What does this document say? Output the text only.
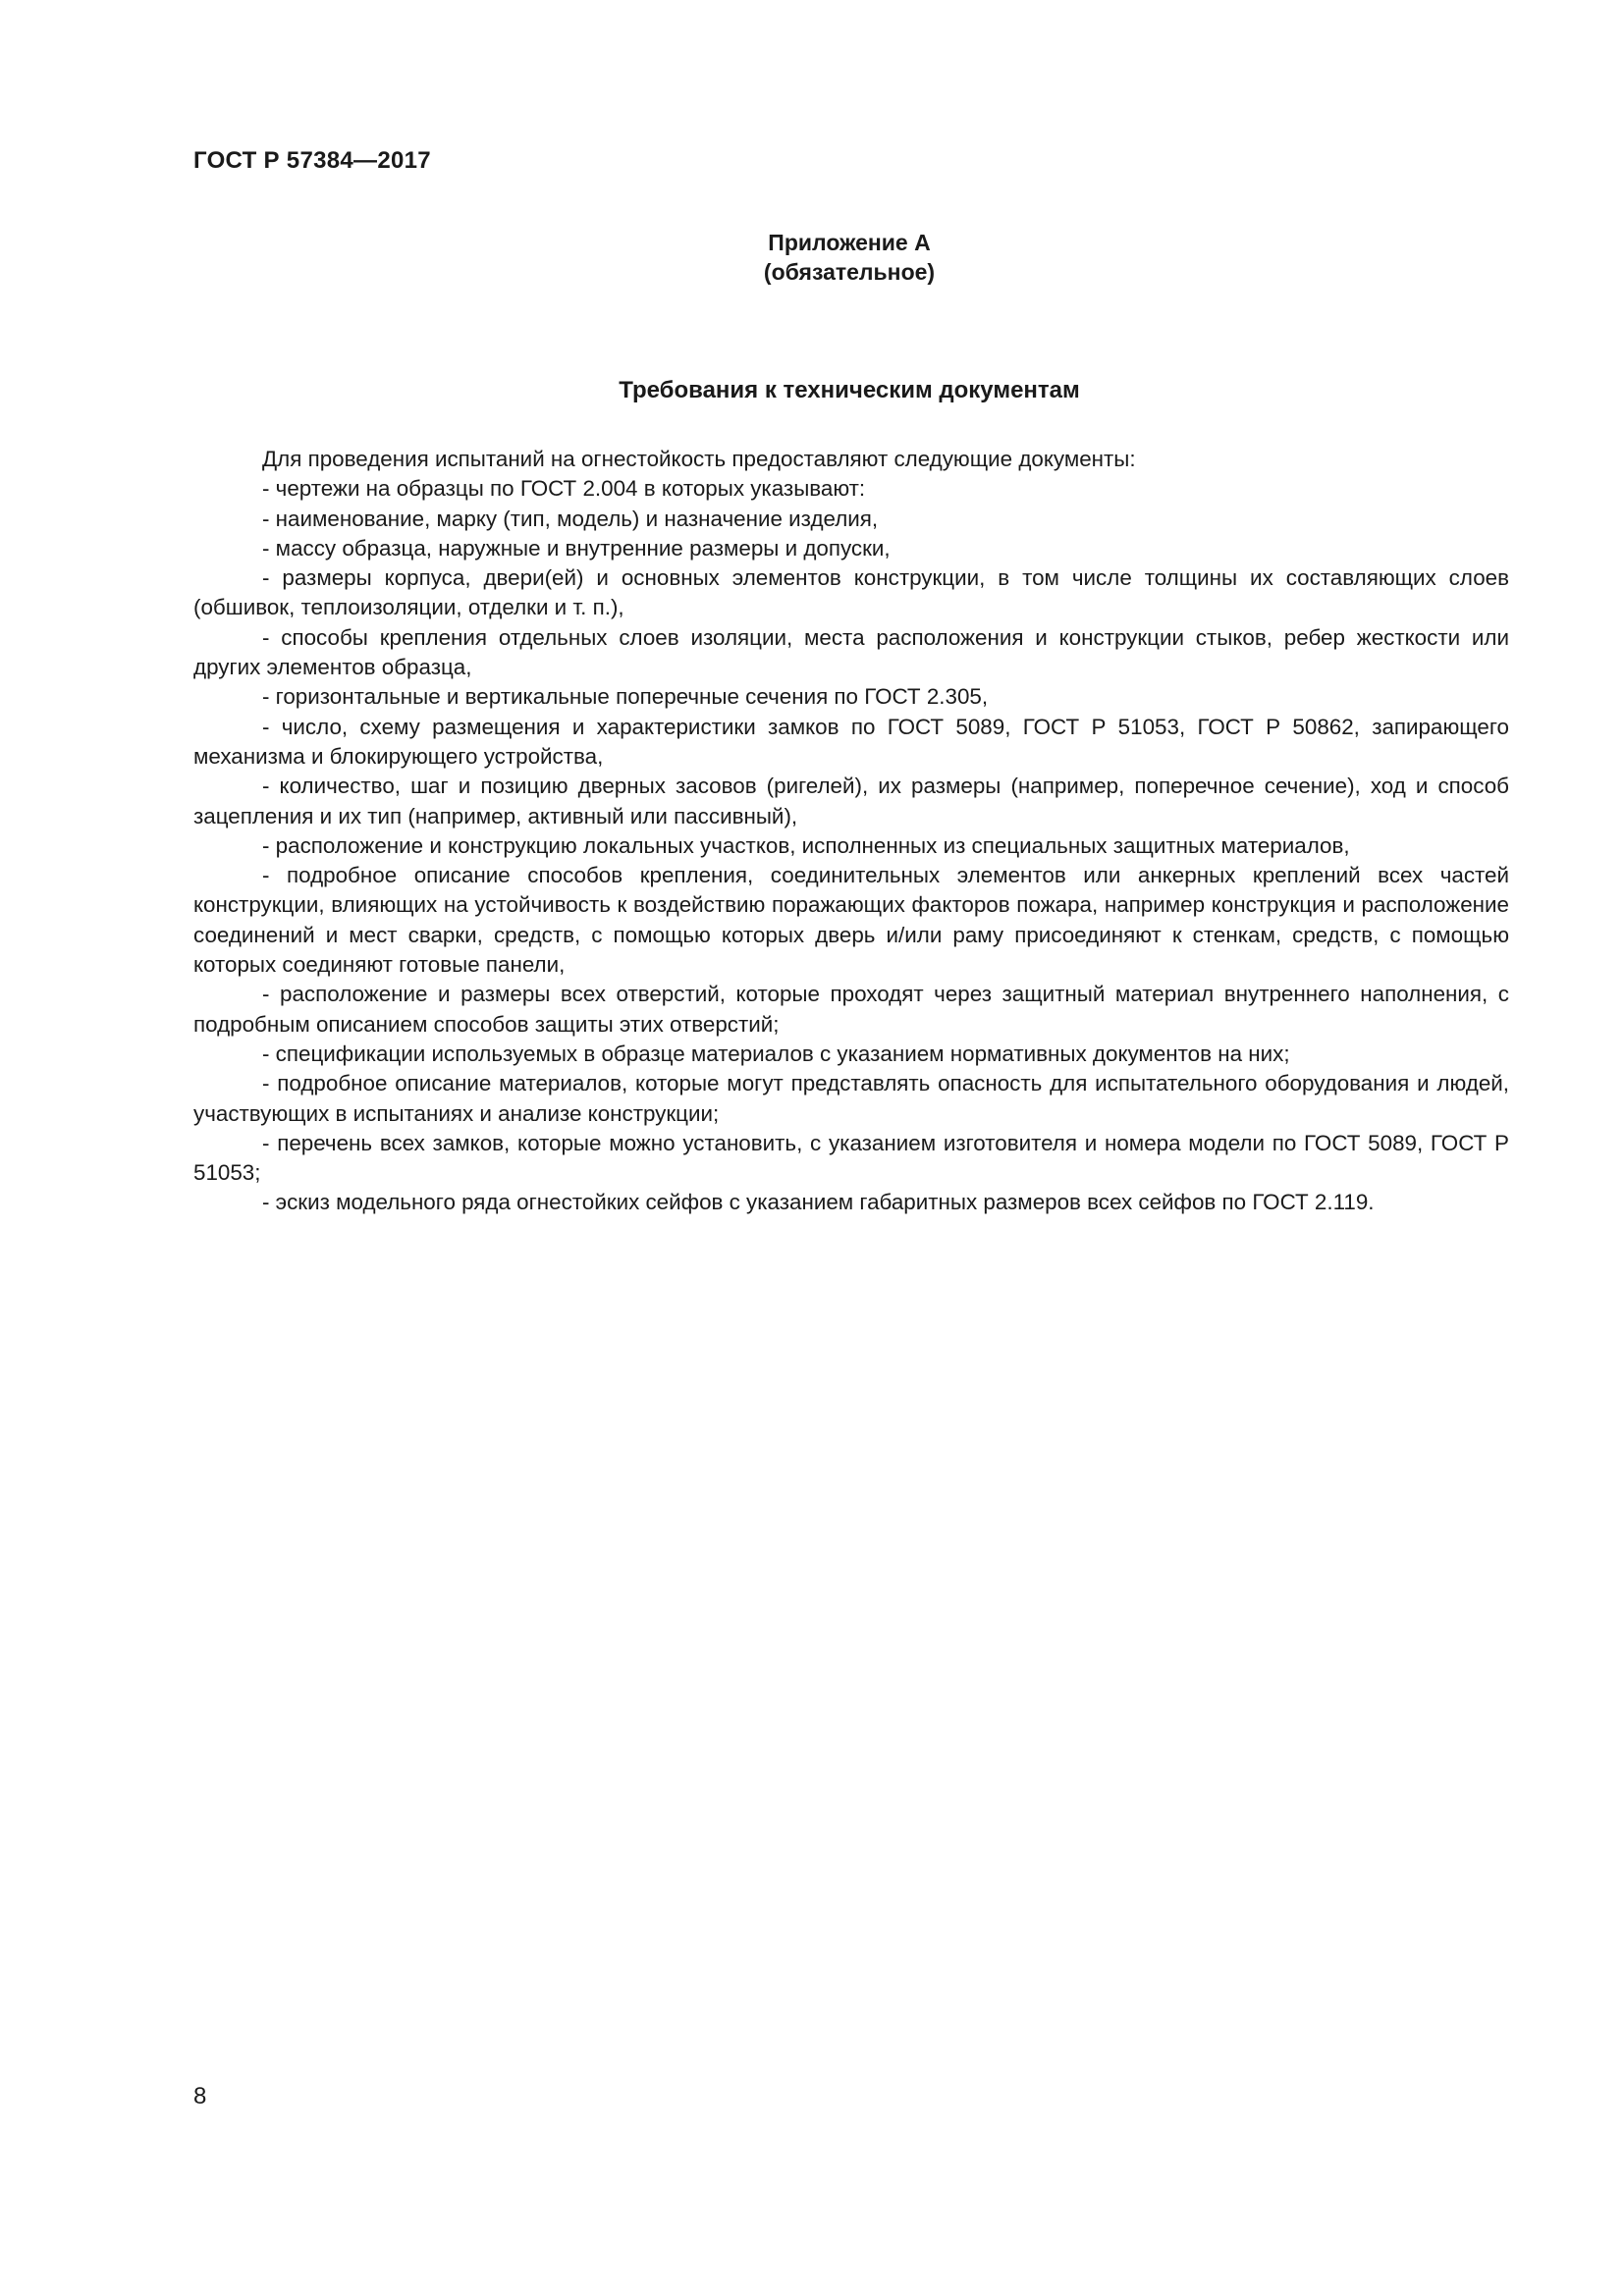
ГОСТ Р 57384—2017
Приложение А
(обязательное)
Требования к техническим документам

Для проведения испытаний на огнестойкость предоставляют следующие документы:

- чертежи на образцы по ГОСТ 2.004 в которых указывают:

- наименование, марку (тип, модель) и назначение изделия,

- массу образца, наружные и внутренние размеры и допуски,

- размеры корпуса, двери(ей) и основных элементов конструкции, в том числе толщины их составляющих слоев (обшивок, теплоизоляции, отделки и т. п.),

- способы крепления отдельных слоев изоляции, места расположения и конструкции стыков, ребер жесткости или других элементов образца,

- горизонтальные и вертикальные поперечные сечения по ГОСТ 2.305,

- число, схему размещения и характеристики замков по ГОСТ 5089, ГОСТ Р 51053, ГОСТ Р 50862, запирающего механизма и блокирующего устройства,

- количество, шаг и позицию дверных засовов (ригелей), их размеры (например, поперечное сечение), ход и способ зацепления и их тип (например, активный или пассивный),

- расположение и конструкцию локальных участков, исполненных из специальных защитных материалов,

- подробное описание способов крепления, соединительных элементов или анкерных креплений всех частей конструкции, влияющих на устойчивость к воздействию поражающих факторов пожара, например конструкция и расположение соединений и мест сварки, средств, с помощью которых дверь и/или раму присоединяют к стенкам, средств, с помощью которых соединяют готовые панели,

- расположение и размеры всех отверстий, которые проходят через защитный материал внутреннего наполнения, с подробным описанием способов защиты этих отверстий;

- спецификации используемых в образце материалов с указанием нормативных документов на них;

- подробное описание материалов, которые могут представлять опасность для испытательного оборудования и людей, участвующих в испытаниях и анализе конструкции;

- перечень всех замков, которые можно установить, с указанием изготовителя и номера модели по ГОСТ 5089, ГОСТ Р 51053;

- эскиз модельного ряда огнестойких сейфов с указанием габаритных размеров всех сейфов по ГОСТ 2.119.

8
